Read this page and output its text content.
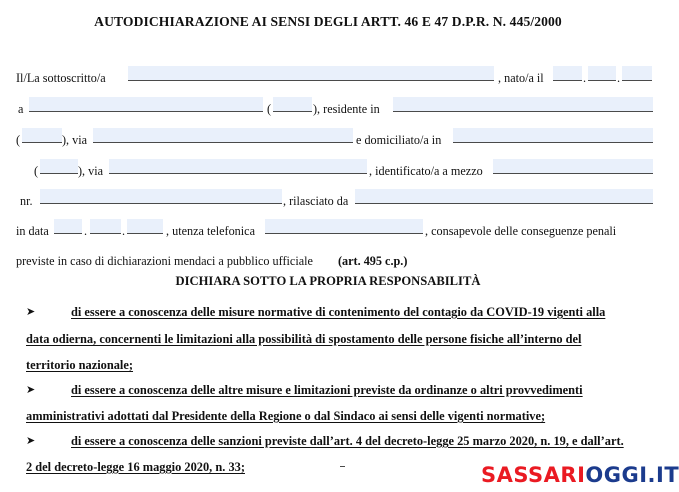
AUTODICHIARAZIONE AI SENSI DEGLI ARTT. 46 E 47 D.P.R. N. 445/2000
Il/La sottoscritto/a	, nato/a il	.	.
a	(	), residente in
(	), via	e domiciliato/a in
(	), via	, identificato/a a mezzo
nr.	, rilasciato da
in data	.	.	, utenza telefonica	, consapevole delle conseguenze penali
previste in caso di dichiarazioni mendaci a pubblico ufficiale (art. 495 c.p.)
DICHIARA SOTTO LA PROPRIA RESPONSABILITÀ
➤	di essere a conoscenza delle misure normative di contenimento del contagio da COVID-19 vigenti alla
data odierna, concernenti le limitazioni alla possibilità di spostamento delle persone fisiche all’interno del
territorio nazionale;
➤	di essere a conoscenza delle altre misure e limitazioni previste da ordinanze o altri provvedimenti
amministrativi adottati dal Presidente della Regione o dal Sindaco ai sensi delle vigenti normative;
➤	di essere a conoscenza delle sanzioni previste dall’art. 4 del decreto-legge 25 marzo 2020, n. 19, e dall’art.
2 del decreto-legge 16 maggio 2020, n. 33;	SASSARIOGGI.IT
